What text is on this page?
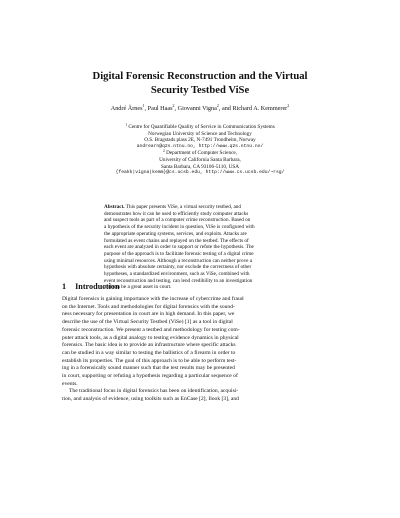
Digital Forensic Reconstruction and the Virtual
Security Testbed ViSe
André Årnes$^1$, Paul Haas$^2$, Giovanni Vigna$^2$, and Richard A. Kemmerer$^2$
$^1$ Centre for Quantifiable Quality of Service in Communication Systems
Norwegian University of Science and Technology
O.S. Bragstads plass 2E, N-7491 Trondheim, Norway
andrearn@q2s.ntnu.no, http://www.q2s.ntnu.no/
$^2$ Department of Computer Science,
University of California Santa Barbara,
Santa Barbara, CA 93106-5110, USA
{feakk|vigna|kemm}@cs.ucsb.edu, http://www.cs.ucsb.edu/~rsg/
Abstract. This paper presents ViSe, a virtual security testbed, and
demonstrates how it can be used to efficiently study computer attacks
and suspect tools as part of a computer crime reconstruction. Based on
a hypothesis of the security incident in question, ViSe is configured with
the appropriate operating systems, services, and exploits. Attacks are
formulated as event chains and replayed on the testbed. The effects of
each event are analyzed in order to support or refute the hypothesis. The
purpose of the approach is to facilitate forensic testing of a digital crime
using minimal resources. Although a reconstruction can neither prove a
hypothesis with absolute certainty, nor exclude the correctness of other
hypotheses, a standardized environment, such as ViSe, combined with
event reconstruction and testing, can lend credibility to an investigation
and can be a great asset in court.
1 Introduction
Digital forensics is gaining importance with the increase of cybercrime and fraud
on the Internet. Tools and methodologies for digital forensics with the sound-
ness necessary for presentation in court are in high demand. In this paper, we
describe the use of the Virtual Security Testbed (ViSe) [1] as a tool in digital
forensic reconstruction. We present a testbed and methodology for testing com-
puter attack tools, as a digital analogy to testing evidence dynamics in physical
forensics. The basic idea is to provide an infrastructure where specific attacks
can be studied in a way similar to testing the ballistics of a firearm in order to
establish its properties. The goal of this approach is to be able to perform test-
ing in a forensically sound manner such that the test results may be presented
in court, supporting or refuting a hypothesis regarding a particular sequence of
events.
The traditional focus in digital forensics has been on identification, acquisi-
tion, and analysis of evidence, using toolkits such as EnCase [2], Ilook [3], and
